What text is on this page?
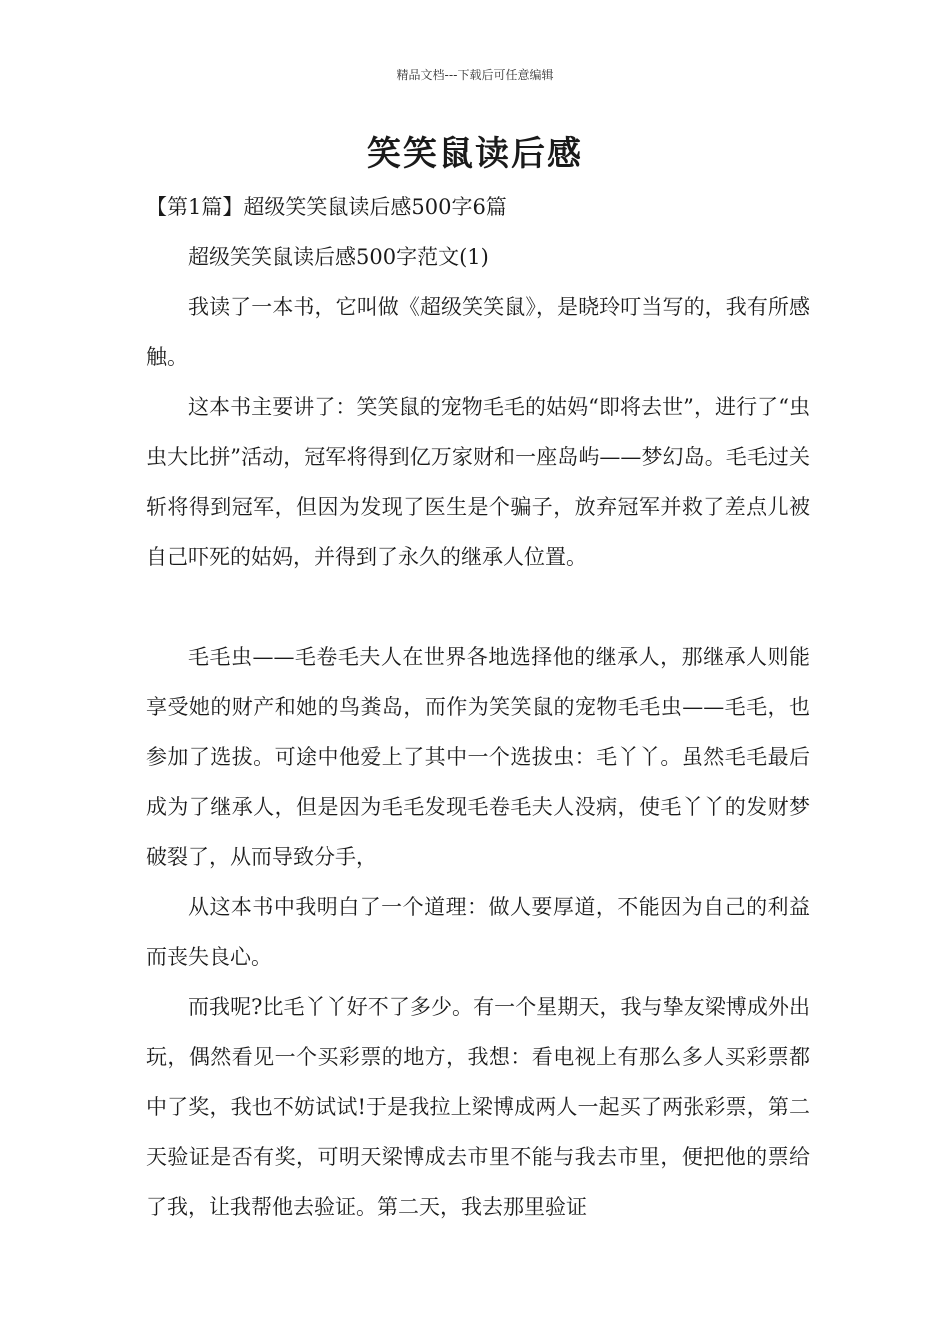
精品文档---下载后可任意编辑
笑笑鼠读后感

【第1篇】超级笑笑鼠读后感500字6篇

超级笑笑鼠读后感500字范文(1)

我读了一本书，它叫做《超级笑笑鼠》，是晓玲叮当写的，我有所感触。

这本书主要讲了：笑笑鼠的宠物毛毛的姑妈“即将去世”，进行了“虫虫大比拼”活动，冠军将得到亿万家财和一座岛屿——梦幻岛。毛毛过关斩将得到冠军，但因为发现了医生是个骗子，放弃冠军并救了差点儿被自己吓死的姑妈，并得到了永久的继承人位置。

毛毛虫——毛卷毛夫人在世界各地选择他的继承人，那继承人则能享受她的财产和她的鸟粪岛，而作为笑笑鼠的宠物毛毛虫——毛毛，也参加了选拔。可途中他爱上了其中一个选拔虫：毛丫丫。虽然毛毛最后成为了继承人，但是因为毛毛发现毛卷毛夫人没病，使毛丫丫的发财梦破裂了，从而导致分手，

从这本书中我明白了一个道理：做人要厚道，不能因为自己的利益而丧失良心。

而我呢?比毛丫丫好不了多少。有一个星期天，我与挚友梁博成外出玩，偶然看见一个买彩票的地方，我想：看电视上有那么多人买彩票都中了奖，我也不妨试试!于是我拉上梁博成两人一起买了两张彩票，第二天验证是否有奖，可明天梁博成去市里不能与我去市里，便把他的票给了我，让我帮他去验证。第二天，我去那里验证
